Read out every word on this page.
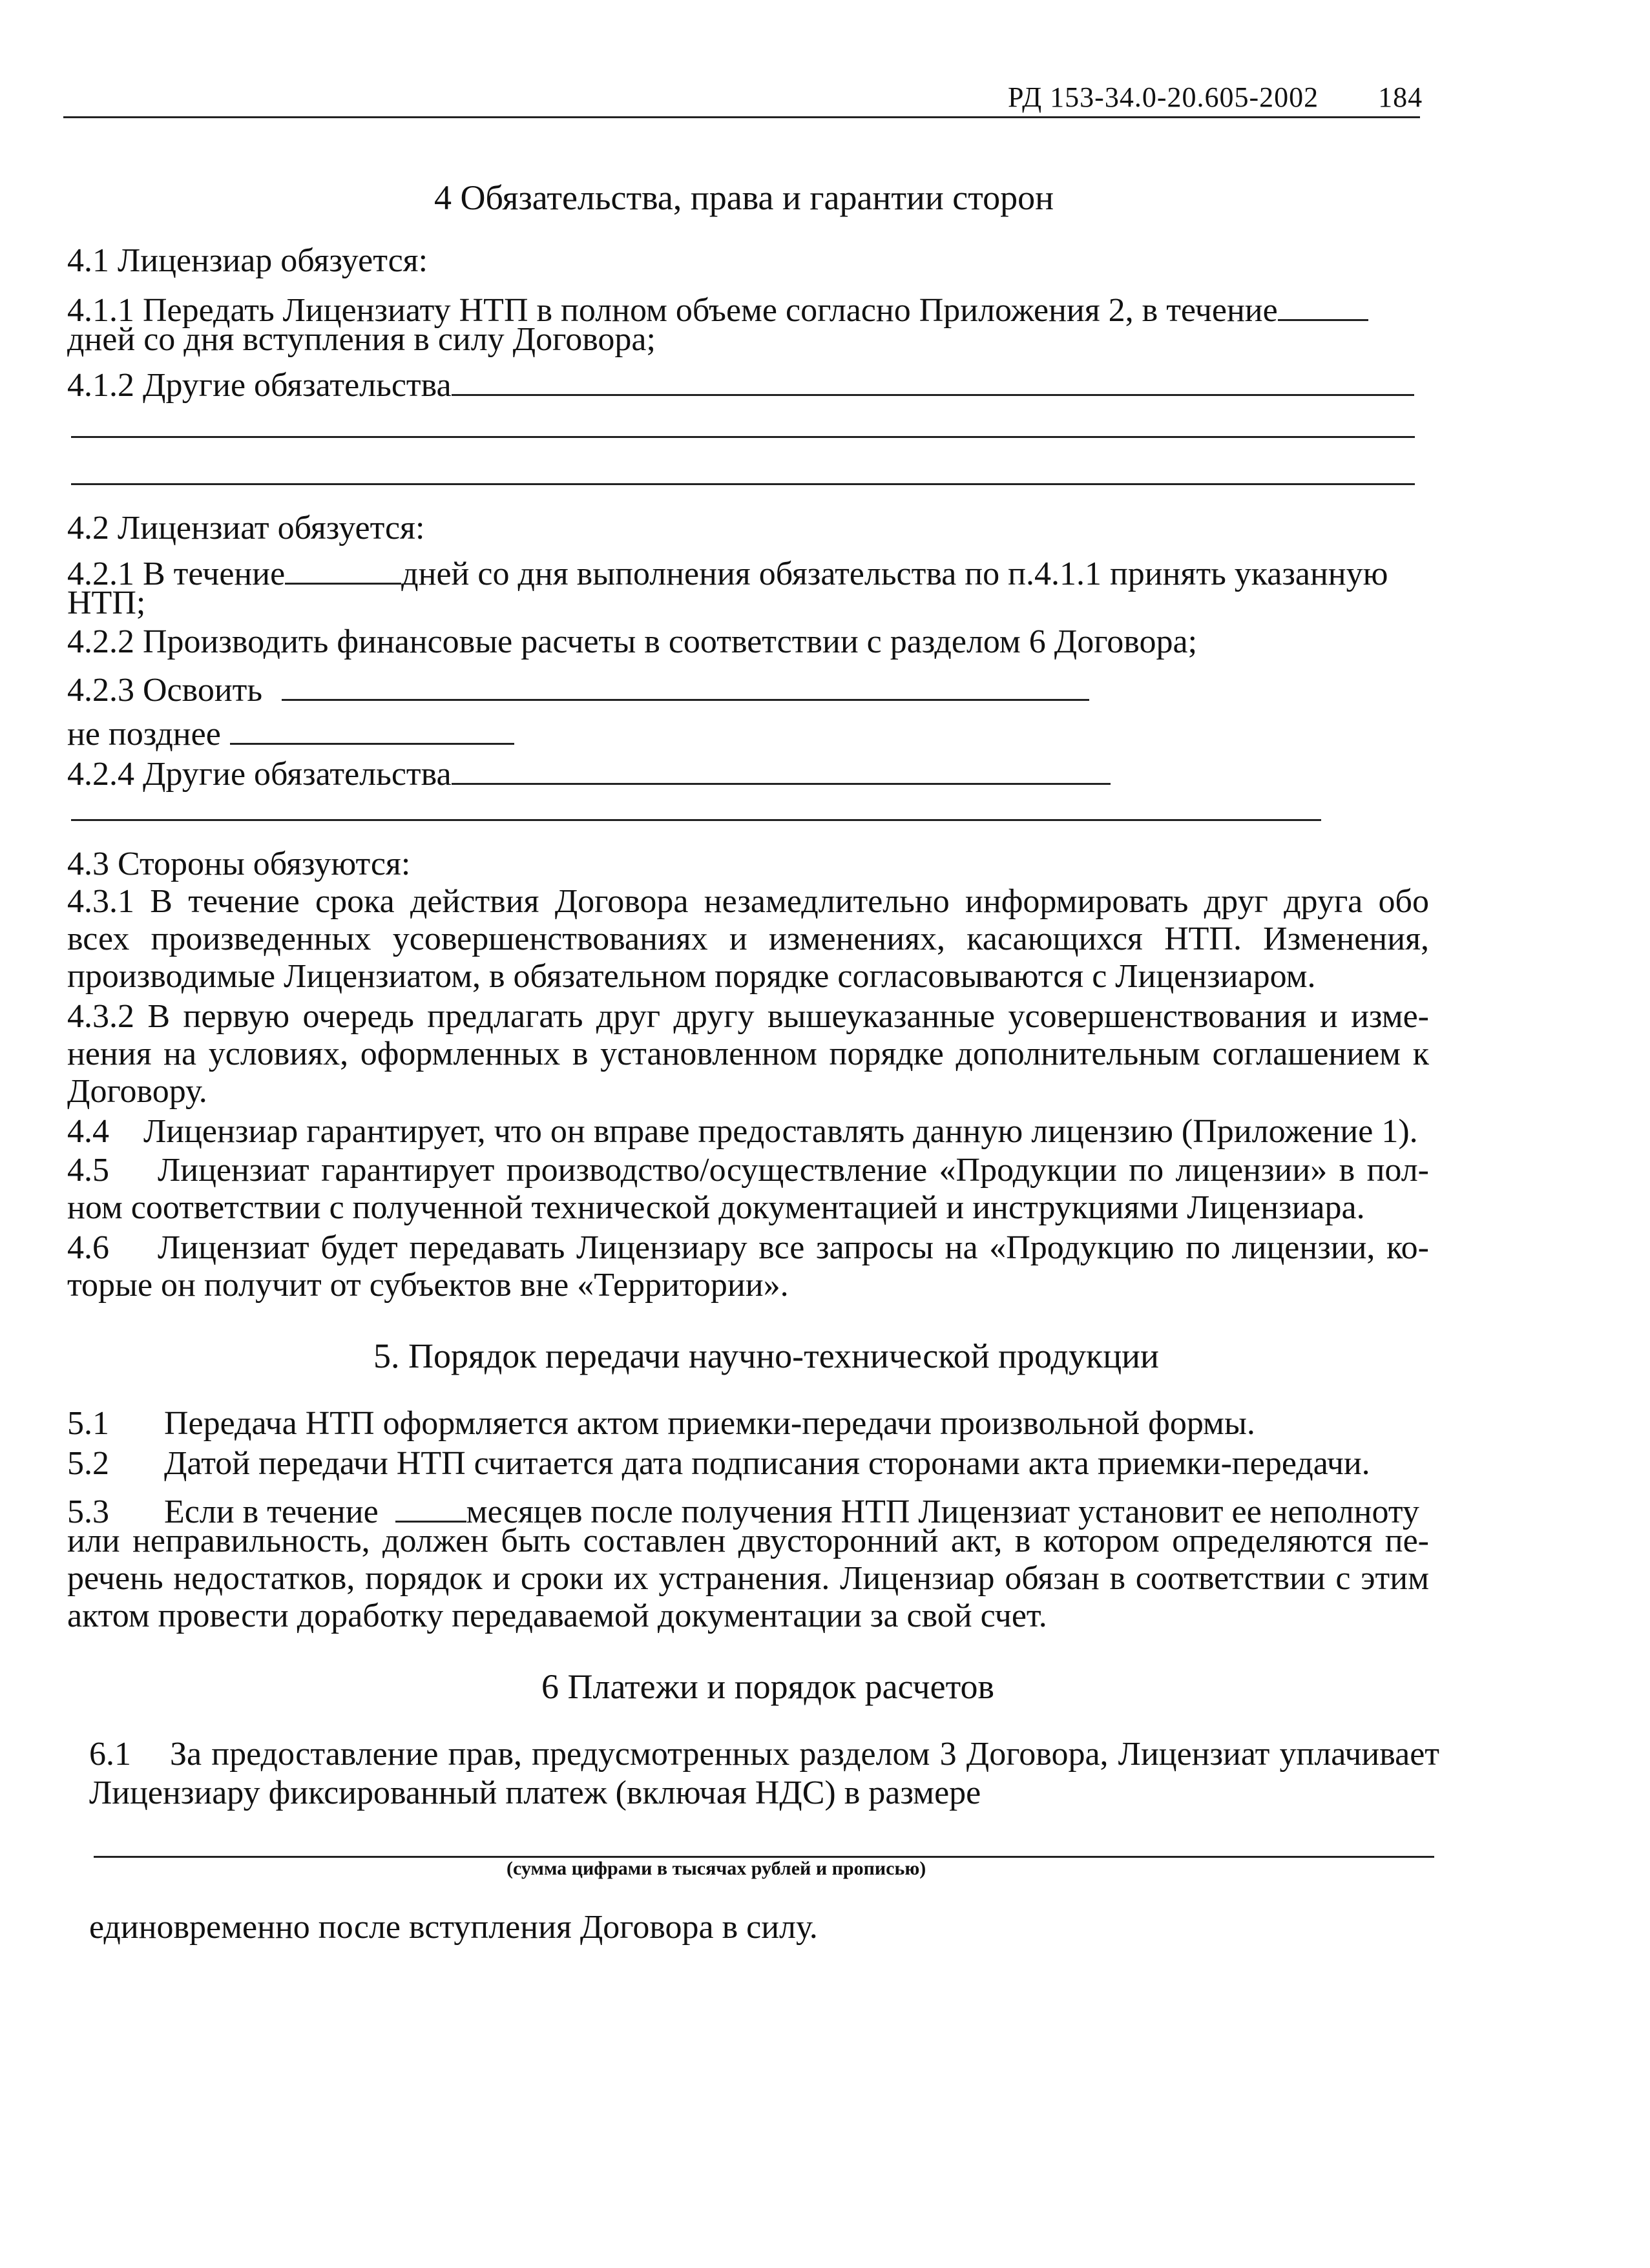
РД 153-34.0-20.605-2002 184
4 Обязательства, права и гарантии сторон
4.1 Лицензиар обязуется:
4.1.1 Передать Лицензиату НТП в полном объеме согласно Приложения 2, в течение
дней со дня вступления в силу Договора;
4.1.2 Другие обязательства
4.2 Лицензиат обязуется:
4.2.1 В течение	дней со дня выполнения обязательства по п.4.1.1 принять указанную
НТП;
4.2.2 Производить финансовые расчеты в соответствии с разделом 6 Договора;
4.2.3 Освоить
не позднее
4.2.4 Другие обязательства
4.3 Стороны обязуются:
4.3.1 В течение срока действия Договора незамедлительно информировать друг друга обо
всех произведенных усовершенствованиях и изменениях, касающихся НТП. Изменения,
производимые Лицензиатом, в обязательном порядке согласовываются с Лицензиаром.
4.3.2 В первую очередь предлагать друг другу вышеуказанные усовершенствования и изме-
нения на условиях, оформленных в установленном порядке дополнительным соглашением к
Договору.
4.4 Лицензиар гарантирует, что он вправе предоставлять данную лицензию (Приложение 1).
4.5	Лицензиат гарантирует производство/осуществление «Продукции по лицензии» в пол-
ном соответствии с полученной технической документацией и инструкциями Лицензиара.
4.6	Лицензиат будет передавать Лицензиару все запросы на «Продукцию по лицензии, ко-
торые он получит от субъектов вне «Территории».
5. Порядок передачи научно-технической продукции
5.1 Передача НТП оформляется актом приемки-передачи произвольной формы.
5.2 Датой передачи НТП считается дата подписания сторонами акта приемки-передачи.
5.3 Если в течение	месяцев после получения НТП Лицензиат установит ее неполноту
или неправильность, должен быть составлен двусторонний акт, в котором определяются пе-
речень недостатков, порядок и сроки их устранения. Лицензиар обязан в соответствии с этим
актом провести доработку передаваемой документации за свой счет.
6 Платежи и порядок расчетов
6.1	За предоставление прав, предусмотренных разделом 3 Договора, Лицензиат уплачивает
Лицензиару фиксированный платеж (включая НДС) в размере
(сумма цифрами в тысячах рублей и прописью)
единовременно после вступления Договора в силу.
